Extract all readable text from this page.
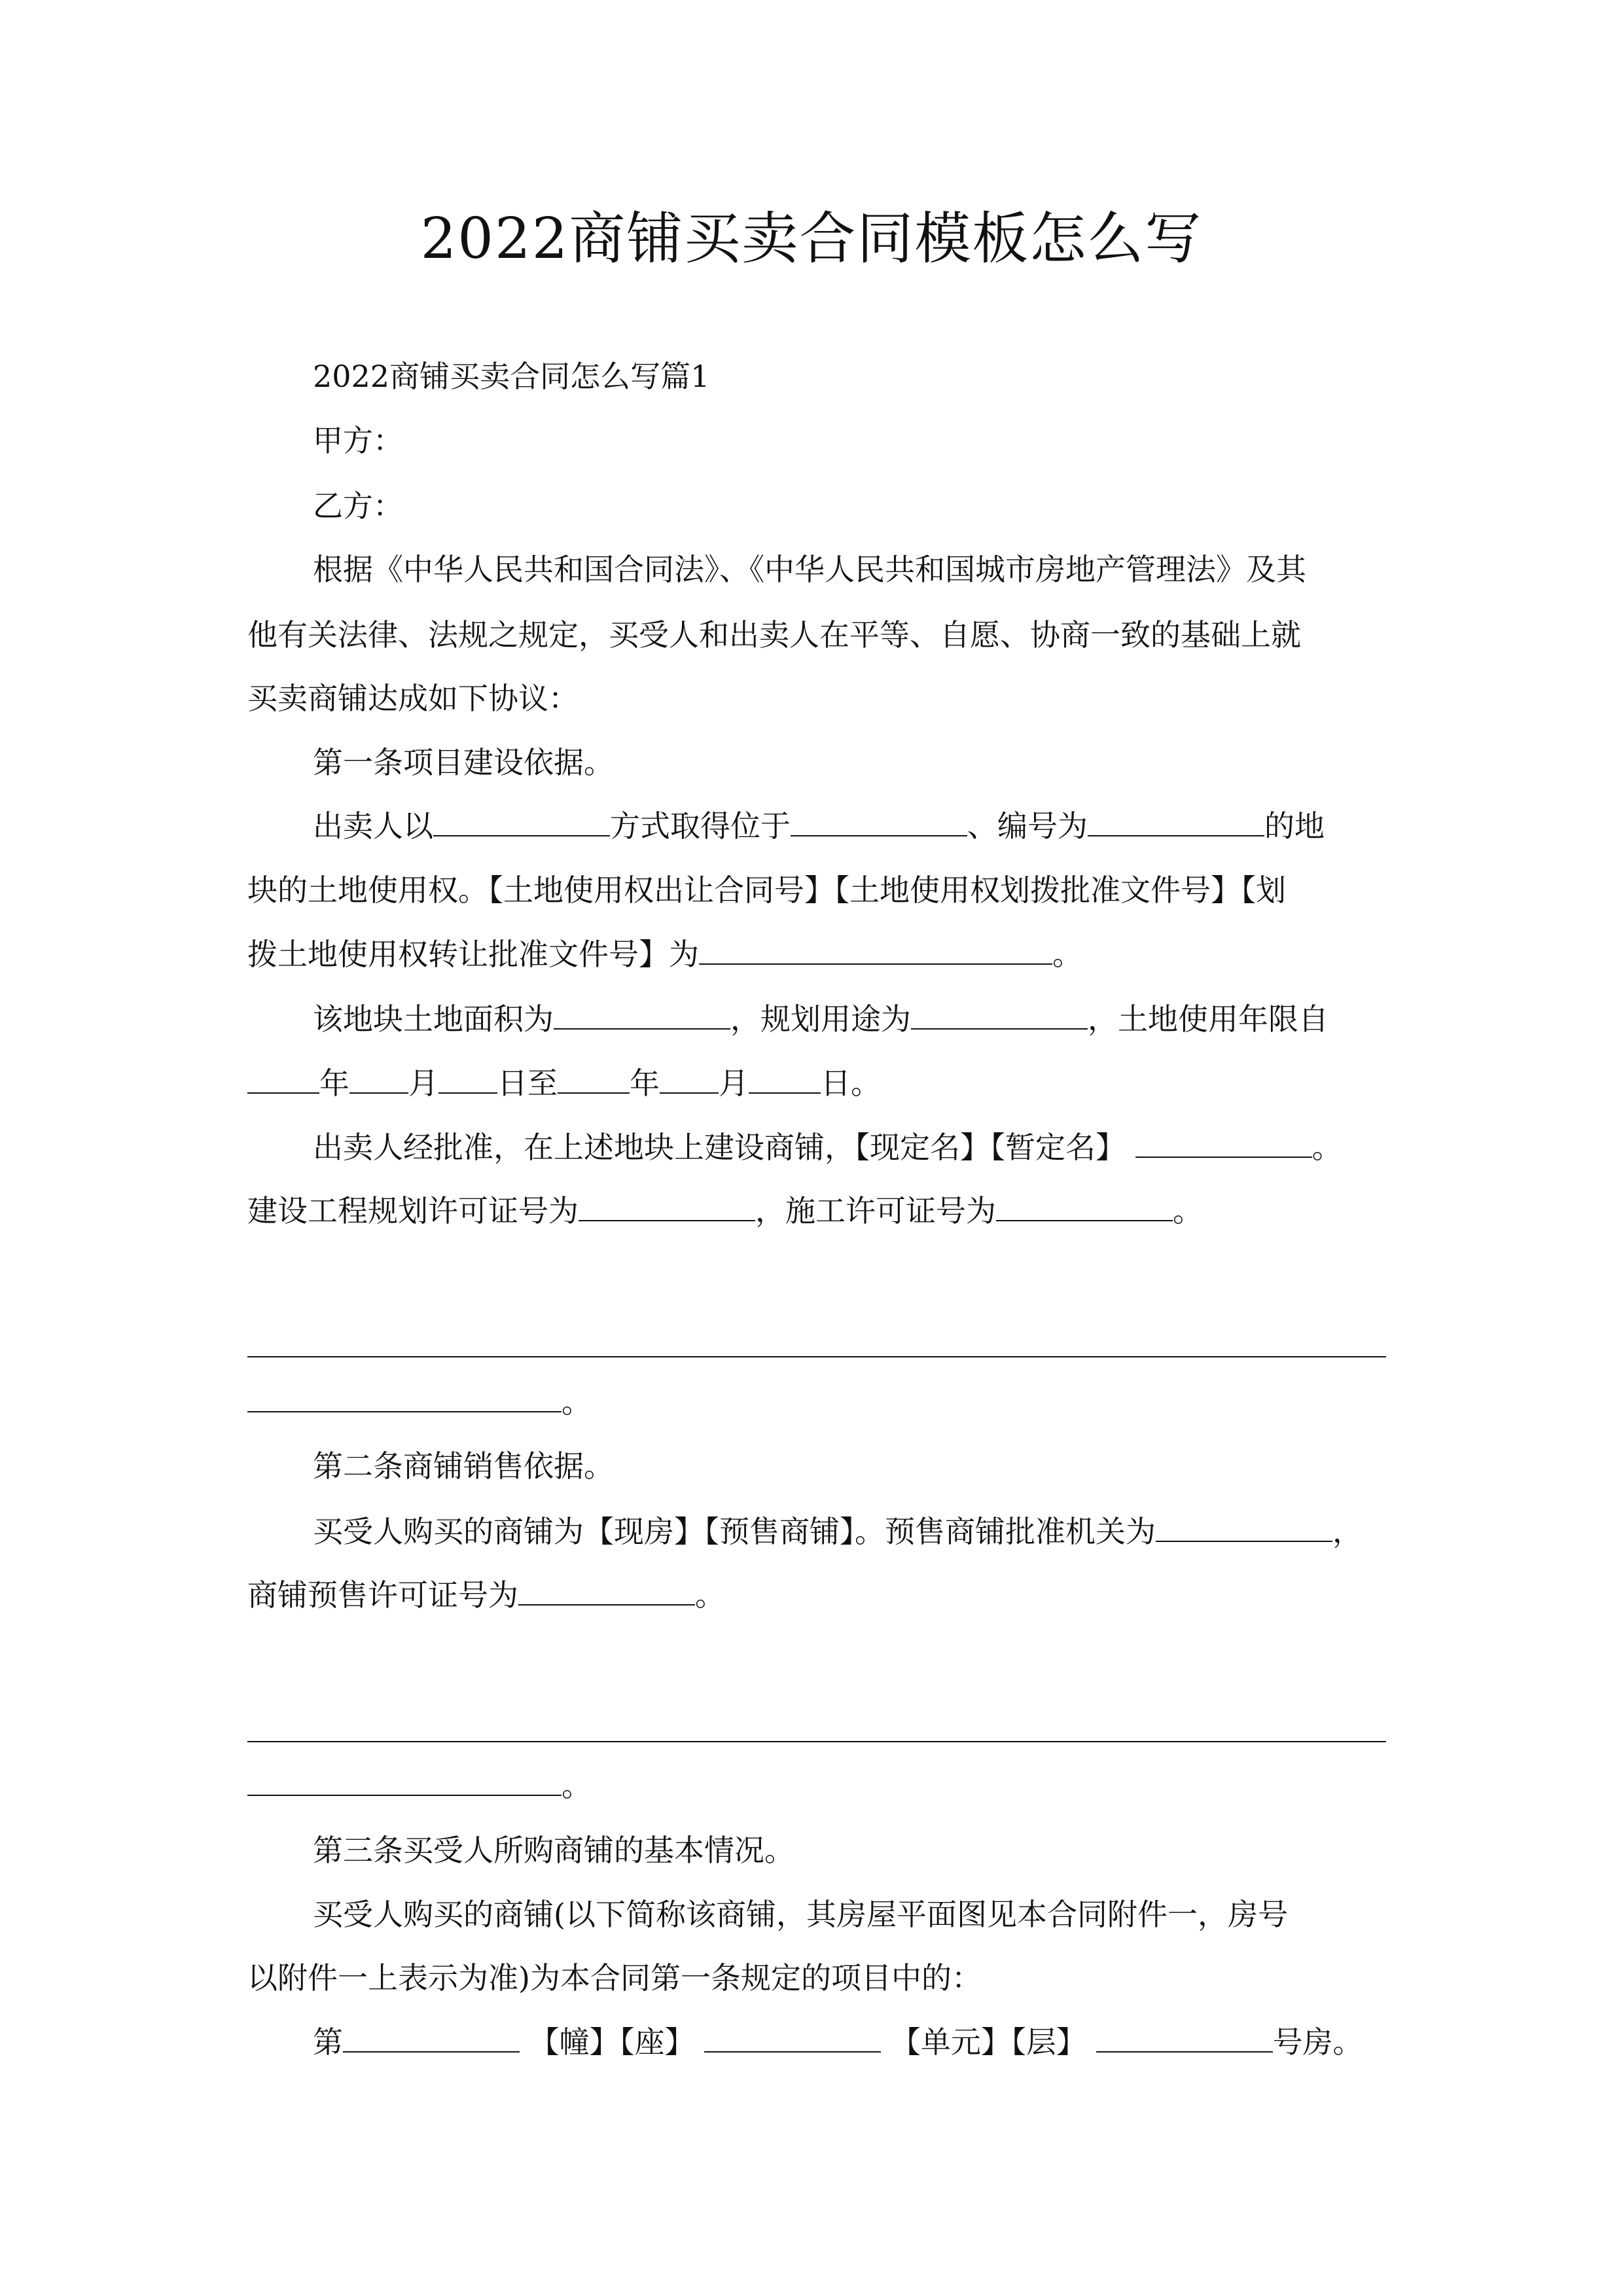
2022商铺买卖合同模板怎么写
2022商铺买卖合同怎么写篇1
甲方：
乙方：
根据《中华人民共和国合同法》、《中华人民共和国城市房地产管理法》及其
他有关法律、法规之规定，买受人和出卖人在平等、自愿、协商一致的基础上就
买卖商铺达成如下协议：
第一条项目建设依据。
出卖人以	方式取得位于	、编号为	的地
块的土地使用权。【土地使用权出让合同号】【土地使用权划拨批准文件号】【划
拨土地使用权转让批准文件号】为	。
该地块土地面积为	，规划用途为	，土地使用年限自
年 月 日至 年 月 日。
出卖人经批准，在上述地块上建设商铺，【现定名】【暂定名】	。
建设工程规划许可证号为	，施工许可证号为	。
。
第二条商铺销售依据。
买受人购买的商铺为【现房】【预售商铺】。预售商铺批准机关为	，
商铺预售许可证号为	。
。
第三条买受人所购商铺的基本情况。
买受人购买的商铺(以下简称该商铺，其房屋平面图见本合同附件一，房号
以附件一上表示为准)为本合同第一条规定的项目中的：
第	【幢】【座】	【单元】【层】	号房。
